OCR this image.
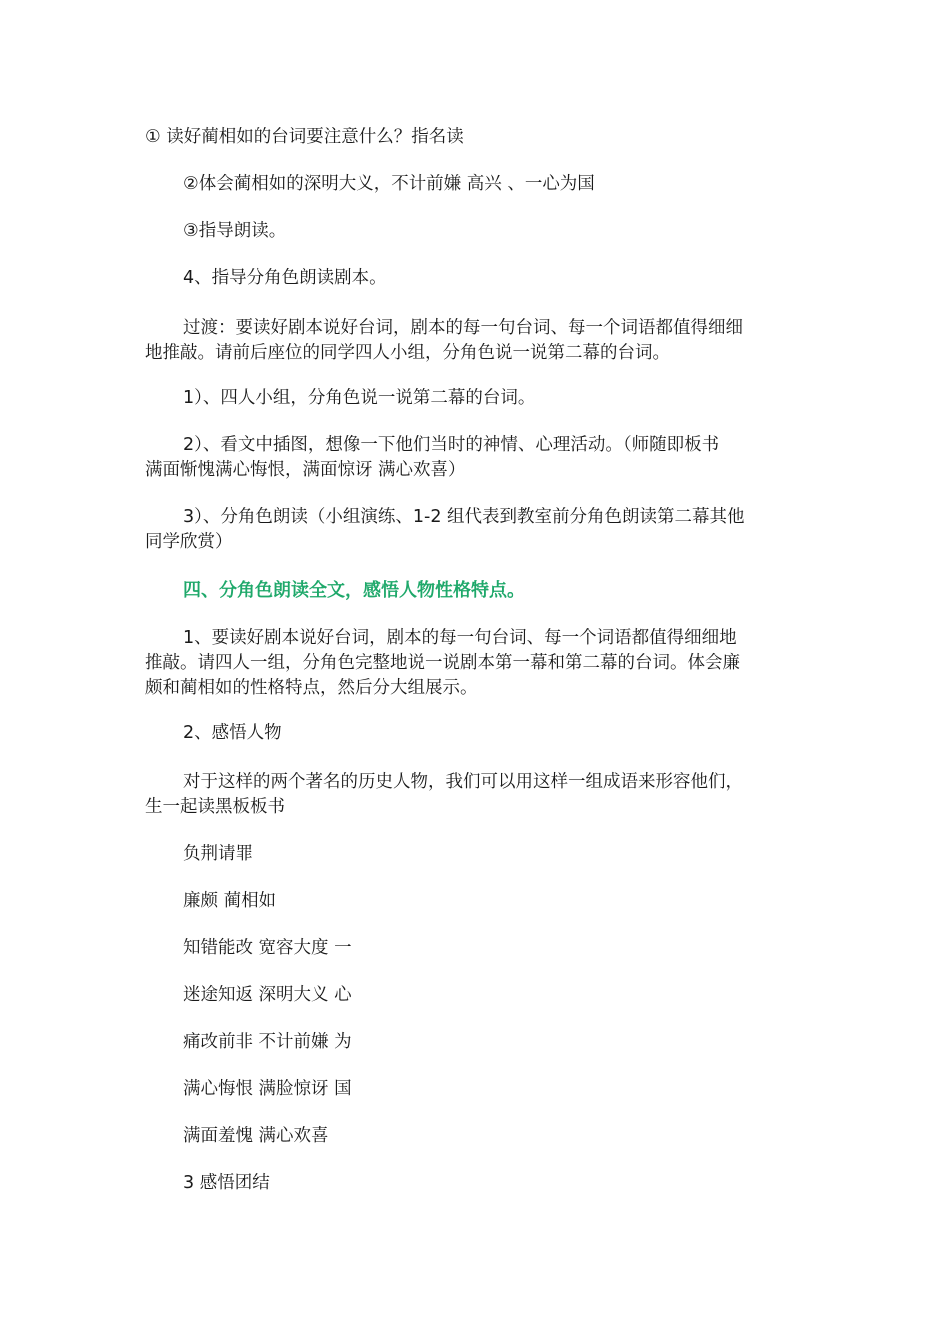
① 读好蔺相如的台词要注意什么？指名读
②体会蔺相如的深明大义，不计前嫌 高兴 、一心为国
③指导朗读。
4、指导分角色朗读剧本。
过渡：要读好剧本说好台词，剧本的每一句台词、每一个词语都值得细细
地推敲。请前后座位的同学四人小组，分角色说一说第二幕的台词。
1）、四人小组，分角色说一说第二幕的台词。
2）、看文中插图，想像一下他们当时的神情、心理活动。（师随即板书
满面惭愧满心悔恨，满面惊讶 满心欢喜）
3）、分角色朗读（小组演练、1-2 组代表到教室前分角色朗读第二幕其他
同学欣赏）
四、分角色朗读全文，感悟人物性格特点。
1、要读好剧本说好台词，剧本的每一句台词、每一个词语都值得细细地
推敲。请四人一组，分角色完整地说一说剧本第一幕和第二幕的台词。体会廉
颇和蔺相如的性格特点，然后分大组展示。
2、感悟人物
对于这样的两个著名的历史人物，我们可以用这样一组成语来形容他们，
生一起读黑板板书
负荆请罪
廉颇 蔺相如
知错能改 宽容大度 一
迷途知返 深明大义 心
痛改前非 不计前嫌 为
满心悔恨 满脸惊讶 国
满面羞愧 满心欢喜
3 感悟团结
